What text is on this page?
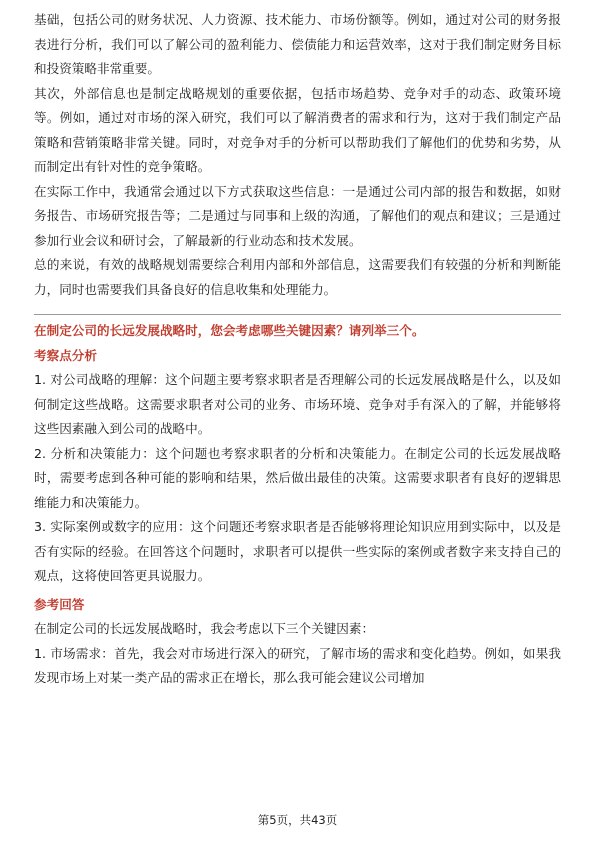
基础，包括公司的财务状况、人力资源、技术能力、市场份额等。例如，通过对公司的财务报表进行分析，我们可以了解公司的盈利能力、偿债能力和运营效率，这对于我们制定财务目标和投资策略非常重要。

其次，外部信息也是制定战略规划的重要依据，包括市场趋势、竞争对手的动态、政策环境等。例如，通过对市场的深入研究，我们可以了解消费者的需求和行为，这对于我们制定产品策略和营销策略非常关键。同时，对竞争对手的分析可以帮助我们了解他们的优势和劣势，从而制定出有针对性的竞争策略。

在实际工作中，我通常会通过以下方式获取这些信息：一是通过公司内部的报告和数据，如财务报告、市场研究报告等；二是通过与同事和上级的沟通，了解他们的观点和建议；三是通过参加行业会议和研讨会，了解最新的行业动态和技术发展。

总的来说，有效的战略规划需要综合利用内部和外部信息，这需要我们有较强的分析和判断能力，同时也需要我们具备良好的信息收集和处理能力。

在制定公司的长远发展战略时，您会考虑哪些关键因素？请列举三个。

考察点分析

1. 对公司战略的理解：这个问题主要考察求职者是否理解公司的长远发展战略是什么，以及如何制定这些战略。这需要求职者对公司的业务、市场环境、竞争对手有深入的了解，并能够将这些因素融入到公司的战略中。

2. 分析和决策能力：这个问题也考察求职者的分析和决策能力。在制定公司的长远发展战略时，需要考虑到各种可能的影响和结果，然后做出最佳的决策。这需要求职者有良好的逻辑思维能力和决策能力。

3. 实际案例或数字的应用：这个问题还考察求职者是否能够将理论知识应用到实际中，以及是否有实际的经验。在回答这个问题时，求职者可以提供一些实际的案例或者数字来支持自己的观点，这将使回答更具说服力。

参考回答

在制定公司的长远发展战略时，我会考虑以下三个关键因素：

1. 市场需求：首先，我会对市场进行深入的研究，了解市场的需求和变化趋势。例如，如果我发现市场上对某一类产品的需求正在增长，那么我可能会建议公司增加

第5页，共43页
